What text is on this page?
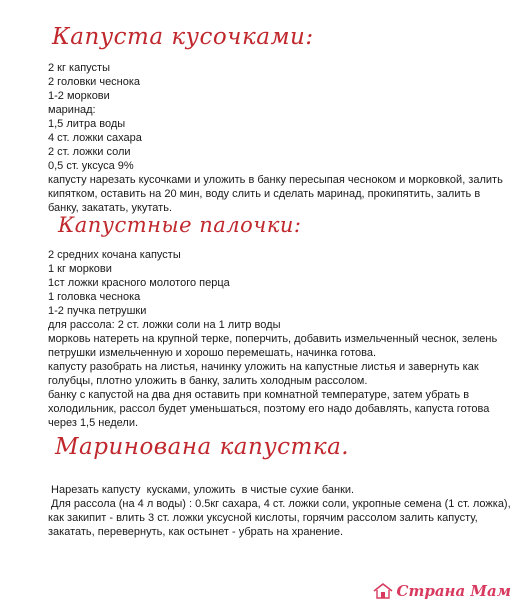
Капуста кусочками:
2 кг капусты
2 головки чеснока
1-2 моркови
маринад:
1,5 литра воды
4 ст. ложки сахара
2 ст. ложки соли
0,5 ст. уксуса 9%
капусту нарезать кусочками и уложить в банку пересыпая чесноком и морковкой, залить
кипятком, оставить на 20 мин, воду слить и сделать маринад, прокипятить, залить в
банку, закатать, укутать.
Капустные палочки:
2 средних кочана капусты
1 кг моркови
1ст ложки красного молотого перца
1 головка чеснока
1-2 пучка петрушки
для рассола: 2 ст. ложки соли на 1 литр воды
морковь натереть на крупной терке, поперчить, добавить измельченный чеснок, зелень
петрушки измельченную и хорошо перемешать, начинка готова.
капусту разобрать на листья, начинку уложить на капустные листья и завернуть как
голубцы, плотно уложить в банку, залить холодным рассолом.
банку с капустой на два дня оставить при комнатной температуре, затем убрать в
холодильник, рассол будет уменьшаться, поэтому его надо добавлять, капуста готова
через 1,5 недели.
Маринована капустка.
Нарезать капусту  кусками, уложить  в чистые сухие банки.
Для рассола (на 4 л воды) : 0.5кг сахара, 4 ст. ложки соли, укропные семена (1 ст. ложка),
как закипит - влить 3 ст. ложки уксусной кислоты, горячим рассолом залить капусту,
закатать, перевернуть, как остынет - убрать на хранение.
Страна Мам
